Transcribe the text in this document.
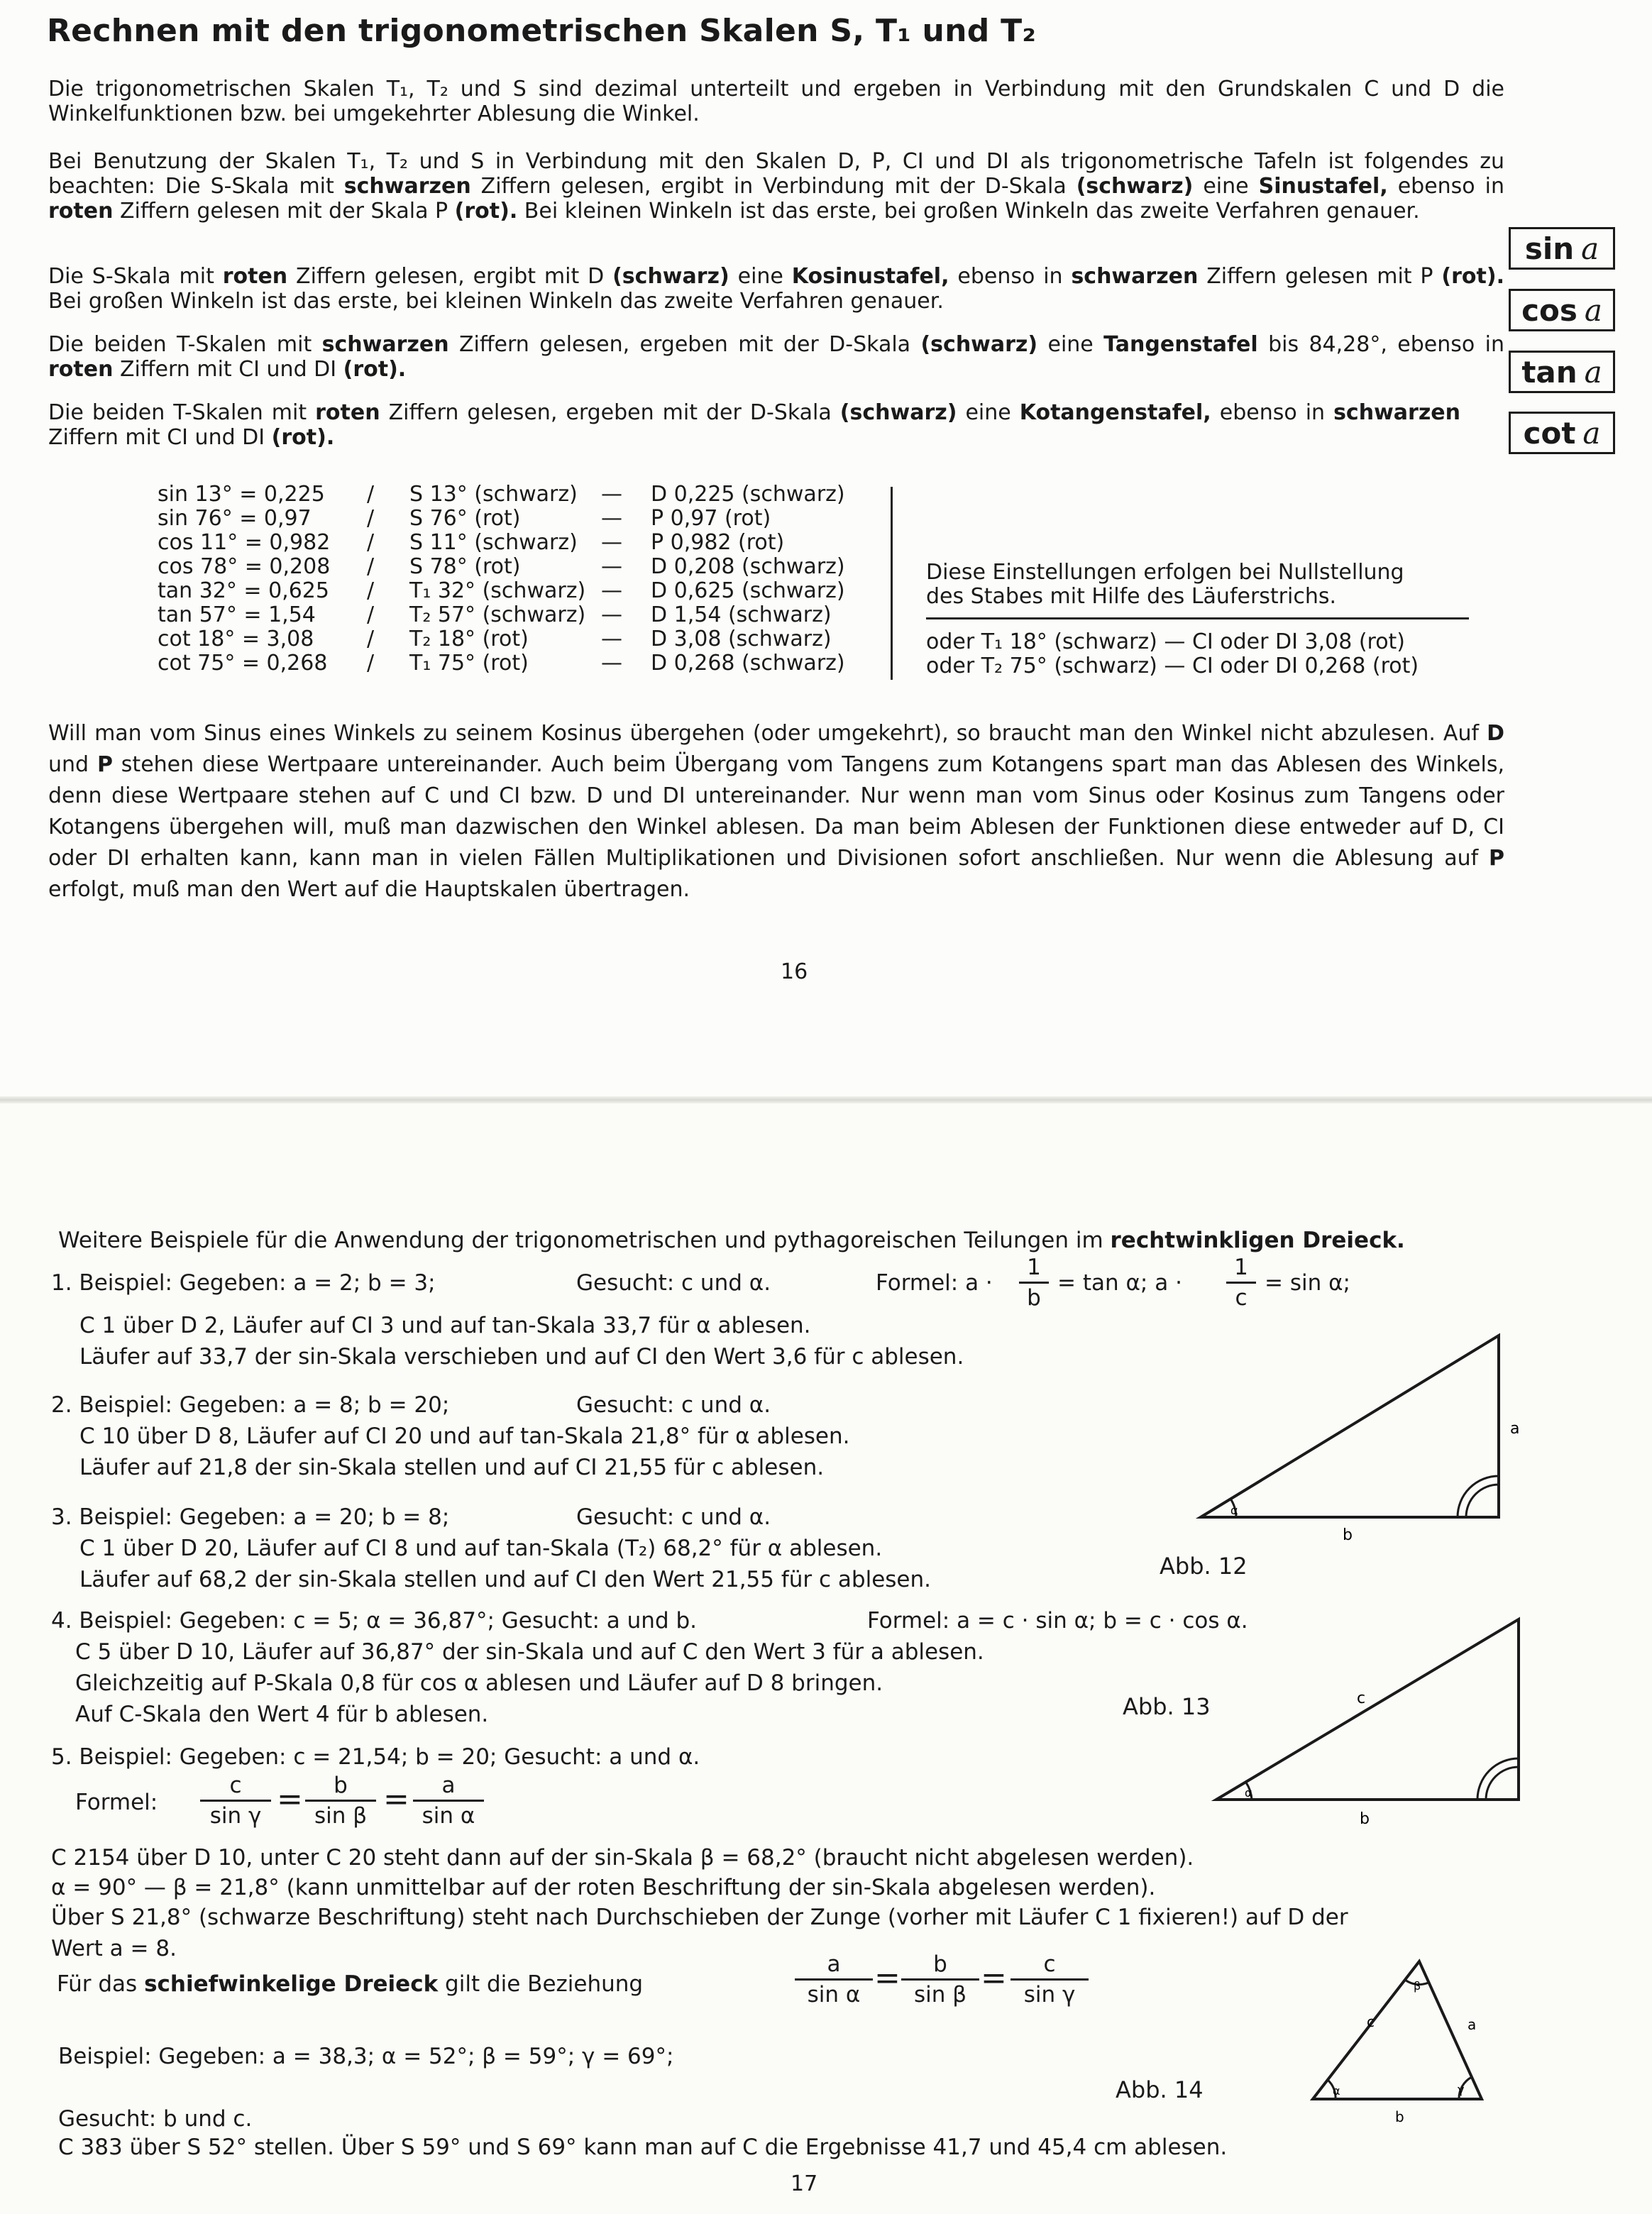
Rechnen mit den trigonometrischen Skalen S, T₁ und T₂

Die trigonometrischen Skalen T₁, T₂ und S sind dezimal unterteilt und ergeben in Verbindung mit den Grundskalen C und D die Winkelfunktionen bzw. bei umgekehrter Ablesung die Winkel.

Bei Benutzung der Skalen T₁, T₂ und S in Verbindung mit den Skalen D, P, CI und DI als trigonometrische Tafeln ist folgendes zu beachten: Die S-Skala mit schwarzen Ziffern gelesen, ergibt in Verbindung mit der D-Skala (schwarz) eine Sinustafel, ebenso in roten Ziffern gelesen mit der Skala P (rot). Bei kleinen Winkeln ist das erste, bei großen Winkeln das zweite Verfahren genauer.

Die S-Skala mit roten Ziffern gelesen, ergibt mit D (schwarz) eine Kosinustafel, ebenso in schwarzen Ziffern gelesen mit P (rot). Bei großen Winkeln ist das erste, bei kleinen Winkeln das zweite Verfahren genauer.

Die beiden T-Skalen mit schwarzen Ziffern gelesen, ergeben mit der D-Skala (schwarz) eine Tangenstafel bis 84,28°, ebenso in roten Ziffern mit CI und DI (rot).

Die beiden T-Skalen mit roten Ziffern gelesen, ergeben mit der D-Skala (schwarz) eine Kotangenstafel, ebenso in schwarzen Ziffern mit CI und DI (rot).

sin a
cos a
tan a
cot a
sin 13° = 0,225	/	S 13° (schwarz)	—	D 0,225 (schwarz)
sin 76° = 0,97	/	S 76° (rot)	—	P 0,97 (rot)
cos 11° = 0,982	/	S 11° (schwarz)	—	P 0,982 (rot)
cos 78° = 0,208	/	S 78° (rot)	—	D 0,208 (schwarz)
tan 32° = 0,625	/	T₁ 32° (schwarz)	—	D 0,625 (schwarz)
tan 57° = 1,54	/	T₂ 57° (schwarz)	—	D 1,54 (schwarz)
cot 18° = 3,08	/	T₂ 18° (rot)	—	D 3,08 (schwarz)
cot 75° = 0,268	/	T₁ 75° (rot)	—	D 0,268 (schwarz)
Diese Einstellungen erfolgen bei Nullstellung
des Stabes mit Hilfe des Läuferstrichs.
oder T₁ 18° (schwarz) — CI oder DI 3,08 (rot)
oder T₂ 75° (schwarz) — CI oder DI 0,268 (rot)

Will man vom Sinus eines Winkels zu seinem Kosinus übergehen (oder umgekehrt), so braucht man den Winkel nicht abzulesen. Auf D und P stehen diese Wertpaare untereinander. Auch beim Übergang vom Tangens zum Kotangens spart man das Ablesen des Winkels, denn diese Wertpaare stehen auf C und CI bzw. D und DI untereinander. Nur wenn man vom Sinus oder Kosinus zum Tangens oder Kotangens übergehen will, muß man dazwischen den Winkel ablesen. Da man beim Ablesen der Funktionen diese entweder auf D, CI oder DI erhalten kann, kann man in vielen Fällen Multiplikationen und Divisionen sofort anschließen. Nur wenn die Ablesung auf P erfolgt, muß man den Wert auf die Hauptskalen übertragen.

16
Weitere Beispiele für die Anwendung der trigonometrischen und pythagoreischen Teilungen im rechtwinkligen Dreieck.
1. Beispiel: Gegeben: a = 2; b = 3;	Gesucht: c und α.	Formel: $a \cdot \frac{1}{b} = \tan \alpha$; $a \cdot \frac{1}{c} = \sin \alpha$;
C 1 über D 2, Läufer auf CI 3 und auf tan-Skala 33,7 für α ablesen.
Läufer auf 33,7 der sin-Skala verschieben und auf CI den Wert 3,6 für c ablesen.
2. Beispiel: Gegeben: a = 8; b = 20;	Gesucht: c und α.
C 10 über D 8, Läufer auf CI 20 und auf tan-Skala 21,8° für α ablesen.
Läufer auf 21,8 der sin-Skala stellen und auf CI 21,55 für c ablesen.
3. Beispiel: Gegeben: a = 20; b = 8;	Gesucht: c und α.
C 1 über D 20, Läufer auf CI 8 und auf tan-Skala (T₂) 68,2° für α ablesen.
Läufer auf 68,2 der sin-Skala stellen und auf CI den Wert 21,55 für c ablesen.
α
a
b
Abb. 12
4. Beispiel: Gegeben: c = 5; α = 36,87°; Gesucht: a und b.	Formel: a = c · sin α; b = c · cos α.
C 5 über D 10, Läufer auf 36,87° der sin-Skala und auf C den Wert 3 für a ablesen.
Gleichzeitig auf P-Skala 0,8 für cos α ablesen und Läufer auf D 8 bringen.
Auf C-Skala den Wert 4 für b ablesen.
α
c
b
Abb. 13
5. Beispiel: Gegeben: c = 21,54; b = 20; Gesucht: a und α.
Formel: $\frac{c}{\text{sin γ}} = \frac{b}{\text{sin β}} = \frac{a}{\text{sin α}}$
C 2154 über D 10, unter C 20 steht dann auf der sin-Skala β = 68,2° (braucht nicht abgelesen werden).
α = 90° — β = 21,8° (kann unmittelbar auf der roten Beschriftung der sin-Skala abgelesen werden).
Über S 21,8° (schwarze Beschriftung) steht nach Durchschieben der Zunge (vorher mit Läufer C 1 fixieren!) auf D der
Wert a = 8.
Für das schiefwinkelige Dreieck gilt die Beziehung	$\frac{a}{\text{sin α}} = \frac{b}{\text{sin β}} = \frac{c}{\text{sin γ}}$
α
β
γ
c	a
b
Abb. 14
Beispiel: Gegeben: a = 38,3; α = 52°; β = 59°; γ = 69°;
Gesucht: b und c.
C 383 über S 52° stellen. Über S 59° und S 69° kann man auf C die Ergebnisse 41,7 und 45,4 cm ablesen.
17
